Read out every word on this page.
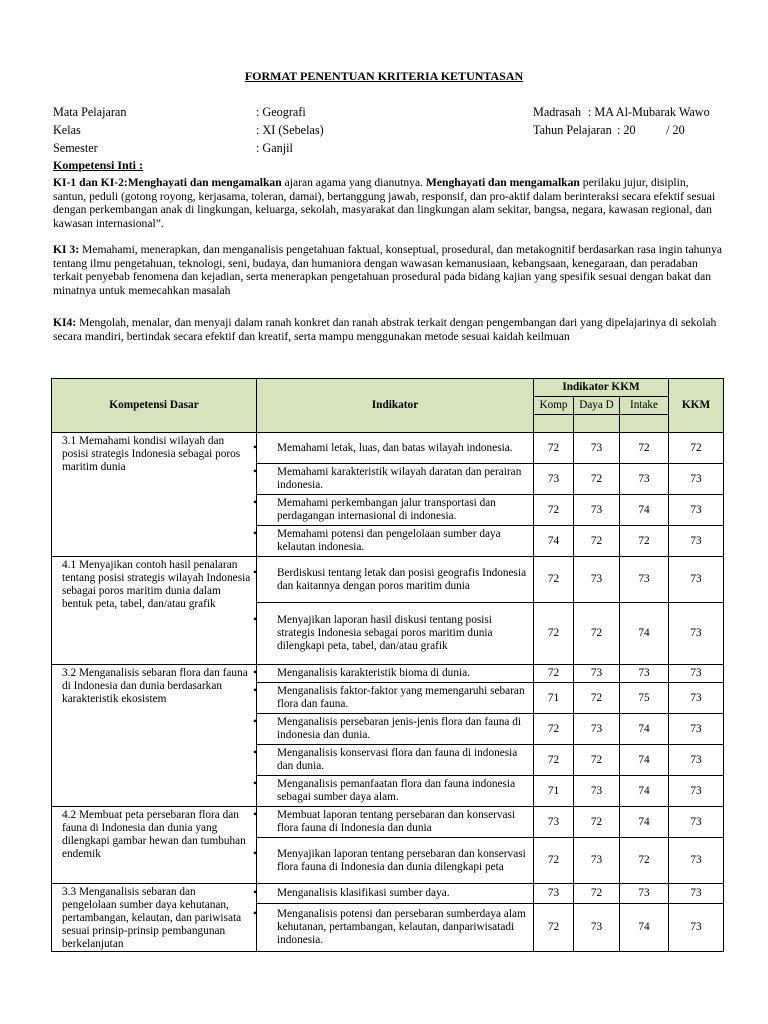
FORMAT PENENTUAN KRITERIA KETUNTASAN
Mata Pelajaran	: Geografi
Kelas	: XI (Sebelas)
Semester	: Ganjil
Madrasah : MA Al-Mubarak Wawo
Tahun Pelajaran : 20          / 20
Kompetensi Inti :
KI-1 dan KI-2:Menghayati dan mengamalkan ajaran agama yang dianutnya. Menghayati dan mengamalkan perilaku jujur, disiplin, santun, peduli (gotong royong, kerjasama, toleran, damai), bertanggung jawab, responsif, dan pro-aktif dalam berinteraksi secara efektif sesuai dengan perkembangan anak di lingkungan, keluarga, sekolah, masyarakat dan lingkungan alam sekitar, bangsa, negara, kawasan regional, dan kawasan internasional”.
KI 3: Memahami, menerapkan, dan menganalisis pengetahuan faktual, konseptual, prosedural, dan metakognitif berdasarkan rasa ingin tahunya tentang ilmu pengetahuan, teknologi, seni, budaya, dan humaniora dengan wawasan kemanusiaan, kebangsaan, kenegaraan, dan peradaban terkait penyebab fenomena dan kejadian, serta menerapkan pengetahuan prosedural pada bidang kajian yang spesifik sesuai dengan bakat dan minatnya untuk memecahkan masalah
KI4: Mengolah, menalar, dan menyaji dalam ranah konkret dan ranah abstrak terkait dengan pengembangan dari yang dipelajarinya di sekolah secara mandiri, bertindak secara efektif dan kreatif, serta mampu menggunakan metode sesuai kaidah keilmuan
Kompetensi Dasar	Indikator	Indikator KKM			KKM
		Komp	Daya D	Intake	

3.1 Memahami kondisi wilayah dan posisi strategis Indonesia sebagai poros maritim dunia	• Memahami letak, luas, dan batas wilayah indonesia.	72	73	72	72

	• Memahami karakteristik wilayah daratan dan perairan indonesia.	73	72	73	73

	• Memahami perkembangan jalur transportasi dan perdagangan internasional di indonesia.	72	73	74	73

	• Memahami potensi dan pengelolaan sumber daya kelautan indonesia.	74	72	72	73
4.1 Menyajikan contoh hasil penalaran tentang posisi strategis wilayah Indonesia sebagai poros maritim dunia dalam bentuk peta, tabel, dan/atau grafik	• Berdiskusi tentang letak dan posisi geografis Indonesia dan kaitannya dengan poros maritim dunia	72	73	73	73

	• Menyajikan laporan hasil diskusi tentang posisi strategis Indonesia sebagai poros maritim dunia dilengkapi peta, tabel, dan/atau grafik	72	72	74	73
3.2 Menganalisis sebaran flora dan fauna di Indonesia dan dunia berdasarkan karakteristik ekosistem	• Menganalisis karakteristik bioma di dunia.	72	73	73	73

	• Menganalisis faktor-faktor yang memengaruhi sebaran flora dan fauna.	71	72	75	73

	• Menganalisis persebaran jenis-jenis flora dan fauna di indonesia dan dunia.	72	73	74	73

	• Menganalisis konservasi flora dan fauna di indonesia dan dunia.	72	72	74	73

	• Menganalisis pemanfaatan flora dan fauna indonesia sebagai sumber daya alam.	71	73	74	73
4.2 Membuat peta persebaran flora dan fauna di Indonesia dan dunia yang dilengkapi gambar hewan dan tumbuhan endemik	• Membuat laporan tentang persebaran dan konservasi flora fauna di Indonesia dan dunia	73	72	74	73

	• Menyajikan laporan tentang persebaran dan konservasi flora fauna di Indonesia dan dunia dilengkapi peta	72	73	72	73
3.3 Menganalisis sebaran dan pengelolaan sumber daya kehutanan, pertambangan, kelautan, dan pariwisata sesuai prinsip-prinsip pembangunan berkelanjutan	• Menganalisis klasifikasi sumber daya.	73	72	73	73

	• Menganalisis potensi dan persebaran sumberdaya alam kehutanan, pertambangan, kelautan, danpariwisatadi indonesia.	72	73	74	73
